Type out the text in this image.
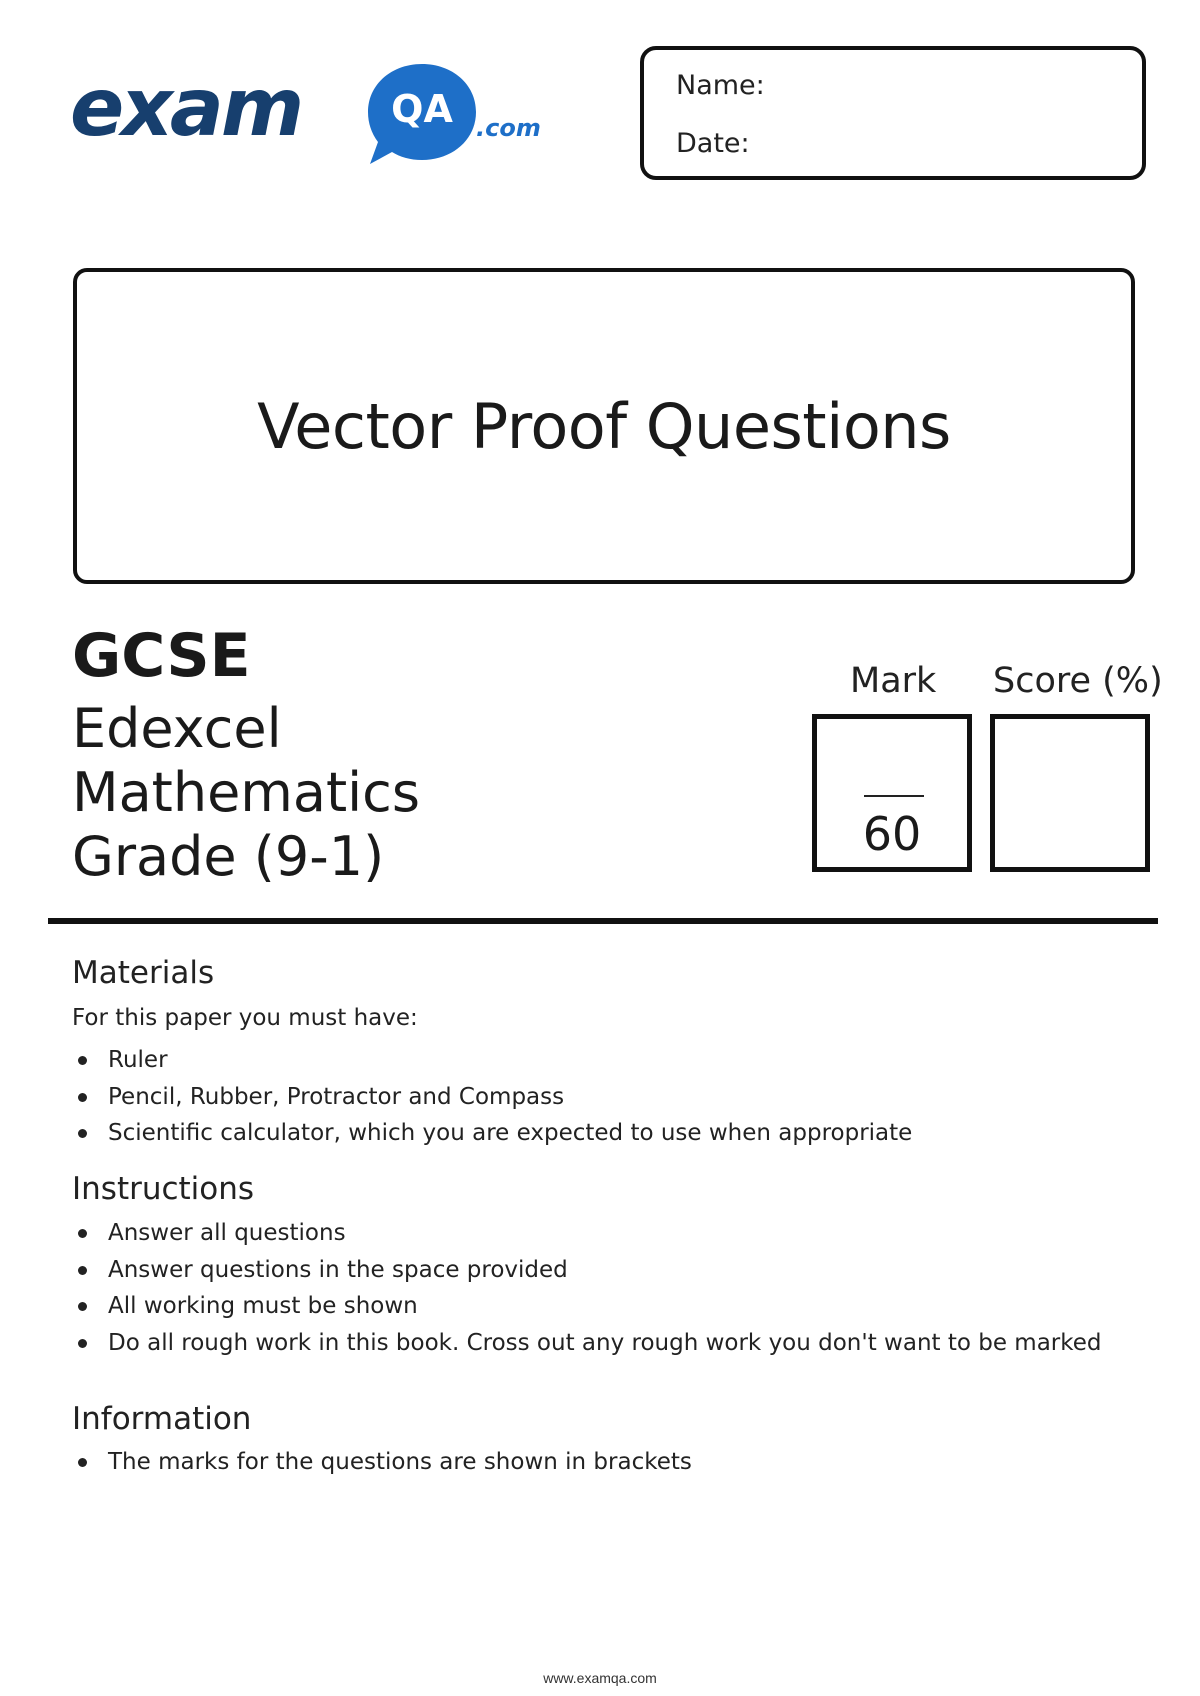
exam QA .com
Name:
Date:
Vector Proof Questions
GCSE
Edexcel
Mathematics
Grade (9-1)
Mark Score (%)
60
Materials
For this paper you must have:
Ruler
Pencil, Rubber, Protractor and Compass
Scientific calculator, which you are expected to use when appropriate
Instructions
Answer all questions
Answer questions in the space provided
All working must be shown
Do all rough work in this book. Cross out any rough work you don't want to be marked
Information
The marks for the questions are shown in brackets
www.examqa.com
